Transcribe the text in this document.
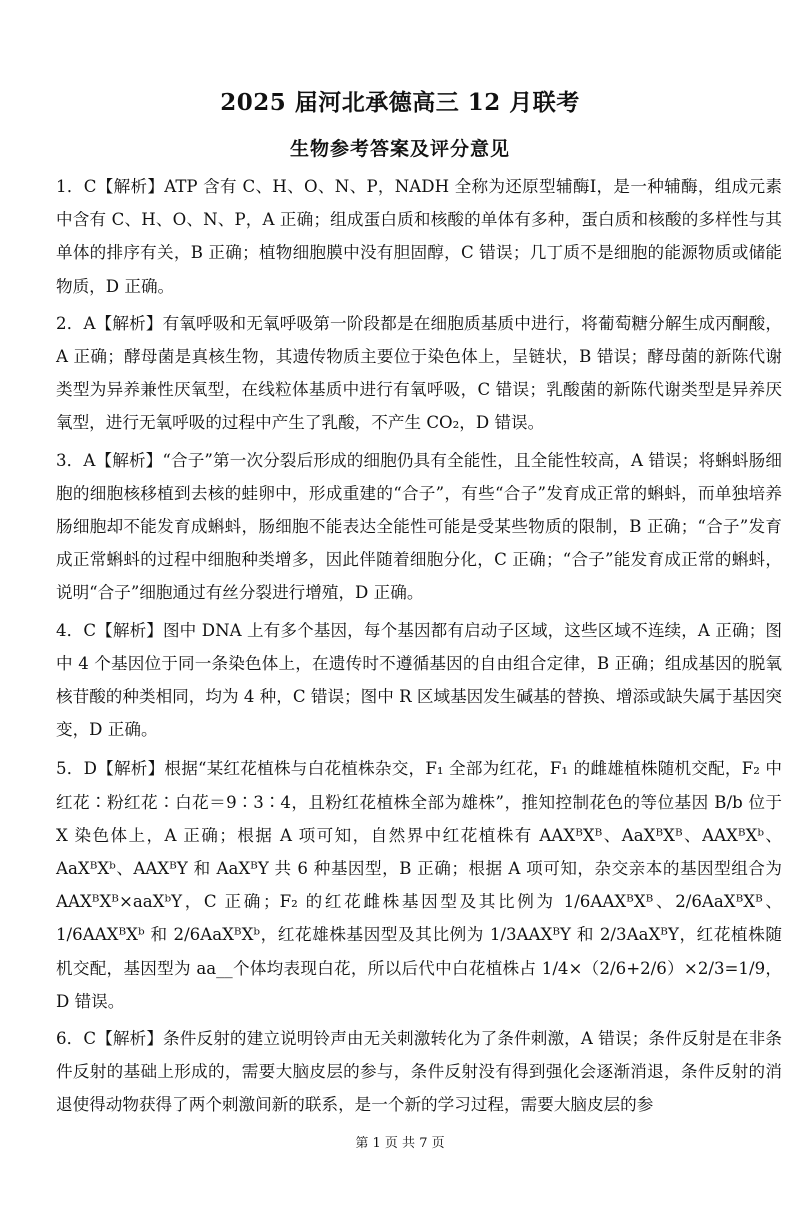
2025 届河北承德高三 12 月联考
生物参考答案及评分意见

1．C【解析】ATP 含有 C、H、O、N、P，NADH 全称为还原型辅酶Ⅰ，是一种辅酶，组成元素中含有 C、H、O、N、P，A 正确；组成蛋白质和核酸的单体有多种，蛋白质和核酸的多样性与其单体的排序有关，B 正确；植物细胞膜中没有胆固醇，C 错误；几丁质不是细胞的能源物质或储能物质，D 正确。

2．A【解析】有氧呼吸和无氧呼吸第一阶段都是在细胞质基质中进行，将葡萄糖分解生成丙酮酸，A 正确；酵母菌是真核生物，其遗传物质主要位于染色体上，呈链状，B 错误；酵母菌的新陈代谢类型为异养兼性厌氧型，在线粒体基质中进行有氧呼吸，C 错误；乳酸菌的新陈代谢类型是异养厌氧型，进行无氧呼吸的过程中产生了乳酸，不产生 CO₂，D 错误。

3．A【解析】“合子”第一次分裂后形成的细胞仍具有全能性，且全能性较高，A 错误；将蝌蚪肠细胞的细胞核移植到去核的蛙卵中，形成重建的“合子”，有些“合子”发育成正常的蝌蚪，而单独培养肠细胞却不能发育成蝌蚪，肠细胞不能表达全能性可能是受某些物质的限制，B 正确；“合子”发育成正常蝌蚪的过程中细胞种类增多，因此伴随着细胞分化，C 正确；“合子”能发育成正常的蝌蚪，说明“合子”细胞通过有丝分裂进行增殖，D 正确。

4．C【解析】图中 DNA 上有多个基因，每个基因都有启动子区域，这些区域不连续，A 正确；图中 4 个基因位于同一条染色体上，在遗传时不遵循基因的自由组合定律，B 正确；组成基因的脱氧核苷酸的种类相同，均为 4 种，C 错误；图中 R 区域基因发生碱基的替换、增添或缺失属于基因突变，D 正确。

5．D【解析】根据“某红花植株与白花植株杂交，F₁ 全部为红花，F₁ 的雌雄植株随机交配，F₂ 中红花∶粉红花∶白花＝9∶3∶4，且粉红花植株全部为雄株”，推知控制花色的等位基因 B/b 位于 X 染色体上，A 正确；根据 A 项可知，自然界中红花植株有 AAXᴮXᴮ、AaXᴮXᴮ、AAXᴮXᵇ、AaXᴮXᵇ、AAXᴮY 和 AaXᴮY 共 6 种基因型，B 正确；根据 A 项可知，杂交亲本的基因型组合为 AAXᴮXᴮ×aaXᵇY，C 正确；F₂ 的红花雌株基因型及其比例为 1/6AAXᴮXᴮ、2/6AaXᴮXᴮ、1/6AAXᴮXᵇ 和 2/6AaXᴮXᵇ，红花雄株基因型及其比例为 1/3AAXᴮY 和 2/3AaXᴮY，红花植株随机交配，基因型为 aa__个体均表现白花，所以后代中白花植株占 1/4×（2/6+2/6）×2/3=1/9，D 错误。

6．C【解析】条件反射的建立说明铃声由无关刺激转化为了条件刺激，A 错误；条件反射是在非条件反射的基础上形成的，需要大脑皮层的参与，条件反射没有得到强化会逐渐消退，条件反射的消退使得动物获得了两个刺激间新的联系，是一个新的学习过程，需要大脑皮层的参

第 1 页 共 7 页
